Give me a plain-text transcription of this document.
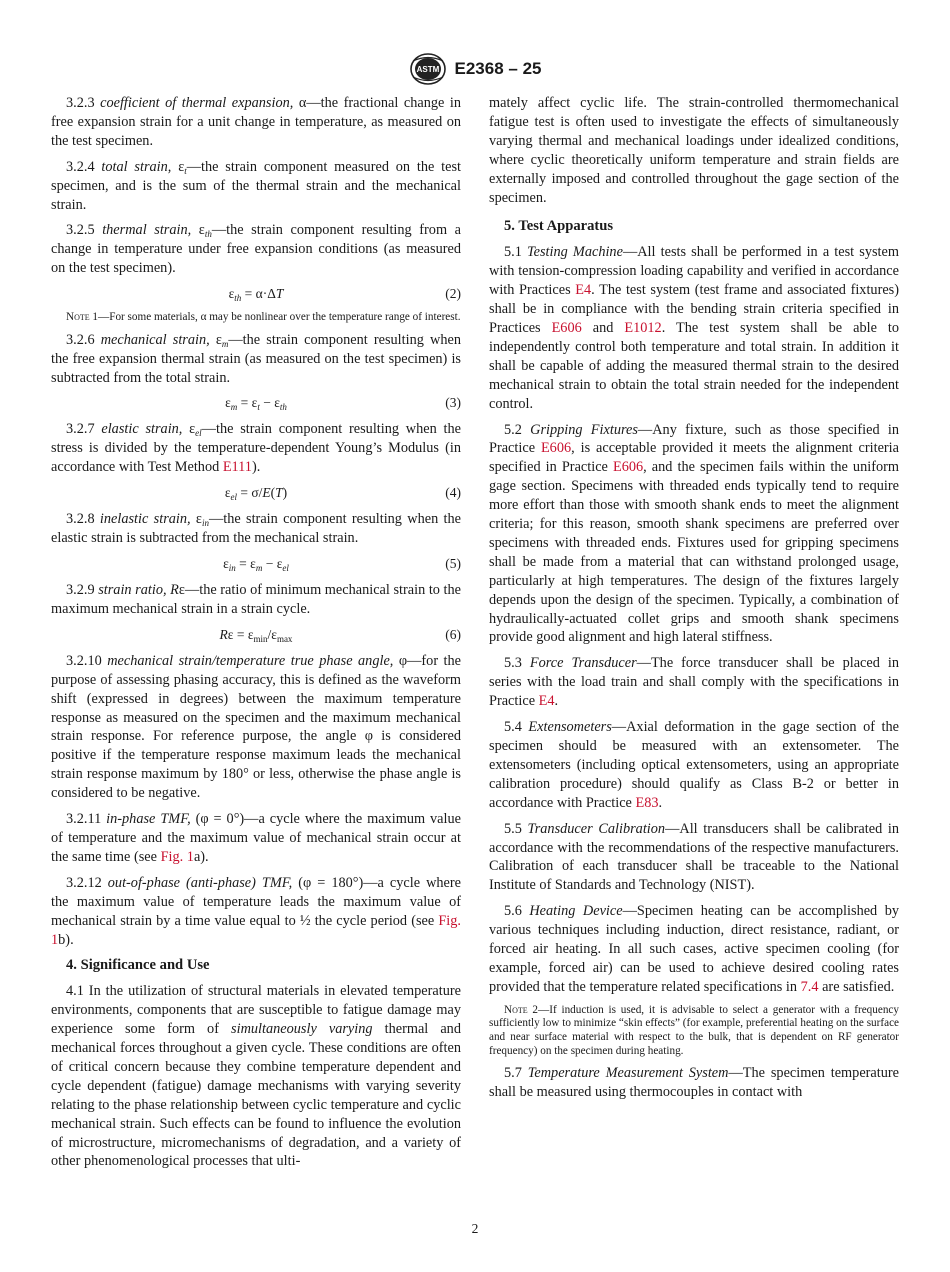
ASTM E2368 – 25

3.2.3 coefficient of thermal expansion, α—the fractional change in free expansion strain for a unit change in temperature, as measured on the test specimen.

3.2.4 total strain, $\varepsilon_t—the$ strain component measured on the test specimen, and is the sum of the thermal strain and the mechanical strain.

3.2.5 thermal strain, $\varepsilon_{th}—the$ strain component resulting from a change in temperature under free expansion conditions (as measured on the test specimen).

$\varepsilon_{th} = \alpha\cdot\Delta T$	(2)

Note 1—For some materials, α may be nonlinear over the temperature range of interest.

3.2.6 mechanical strain, $\varepsilon_m—the$ strain component resulting when the free expansion thermal strain (as measured on the test specimen) is subtracted from the total strain.

$\varepsilon_m = \varepsilon_t - \varepsilon_{th}$	(3)

3.2.7 elastic strain, $\varepsilon_{el}—the$ strain component resulting when the stress is divided by the temperature-dependent Young’s Modulus (in accordance with Test Method E111).

$\varepsilon_{el} = \sigma/E(T)$	(4)

3.2.8 inelastic strain, $\varepsilon_{in}—the$ strain component resulting when the elastic strain is subtracted from the mechanical strain.

$\varepsilon_{in} = \varepsilon_m - \varepsilon_{el}$	(5)

3.2.9 strain ratio, Rε—the ratio of minimum mechanical strain to the maximum mechanical strain in a strain cycle.

$R\varepsilon = \varepsilon_{min}/\varepsilon_{max}$	(6)

3.2.10 mechanical strain/temperature true phase angle, φ—for the purpose of assessing phasing accuracy, this is defined as the waveform shift (expressed in degrees) between the maximum temperature response as measured on the specimen and the maximum mechanical strain response. For reference purpose, the angle φ is considered positive if the temperature response maximum leads the mechanical strain response maximum by 180° or less, otherwise the phase angle is considered to be negative.

3.2.11 in-phase TMF, (φ = 0°)—a cycle where the maximum value of temperature and the maximum value of mechanical strain occur at the same time (see Fig. 1a).

3.2.12 out-of-phase (anti-phase) TMF, (φ = 180°)—a cycle where the maximum value of temperature leads the maximum value of mechanical strain by a time value equal to ½ the cycle period (see Fig. 1b).

4. Significance and Use

4.1 In the utilization of structural materials in elevated temperature environments, components that are susceptible to fatigue damage may experience some form of simultaneously varying thermal and mechanical forces throughout a given cycle. These conditions are often of critical concern because they combine temperature dependent and cycle dependent (fatigue) damage mechanisms with varying severity relating to the phase relationship between cyclic temperature and cyclic mechanical strain. Such effects can be found to influence the evolution of microstructure, micromechanisms of degradation, and a variety of other phenomenological processes that ulti-

mately affect cyclic life. The strain-controlled thermomechanical fatigue test is often used to investigate the effects of simultaneously varying thermal and mechanical loadings under idealized conditions, where cyclic theoretically uniform temperature and strain fields are externally imposed and controlled throughout the gage section of the specimen.

5. Test Apparatus

5.1 Testing Machine—All tests shall be performed in a test system with tension-compression loading capability and verified in accordance with Practices E4. The test system (test frame and associated fixtures) shall be in compliance with the bending strain criteria specified in Practices E606 and E1012. The test system shall be able to independently control both temperature and total strain. In addition it shall be capable of adding the measured thermal strain to the desired mechanical strain to obtain the total strain needed for the independent control.

5.2 Gripping Fixtures—Any fixture, such as those specified in Practice E606, is acceptable provided it meets the alignment criteria specified in Practice E606, and the specimen fails within the uniform gage section. Specimens with threaded ends typically tend to require more effort than those with smooth shank ends to meet the alignment criteria; for this reason, smooth shank specimens are preferred over specimens with threaded ends. Fixtures used for gripping specimens shall be made from a material that can withstand prolonged usage, particularly at high temperatures. The design of the fixtures largely depends upon the design of the specimen. Typically, a combination of hydraulically-actuated collet grips and smooth shank specimens provide good alignment and high lateral stiffness.

5.3 Force Transducer—The force transducer shall be placed in series with the load train and shall comply with the specifications in Practice E4.

5.4 Extensometers—Axial deformation in the gage section of the specimen should be measured with an extensometer. The extensometers (including optical extensometers, using an appropriate calibration procedure) should qualify as Class B-2 or better in accordance with Practice E83.

5.5 Transducer Calibration—All transducers shall be calibrated in accordance with the recommendations of the respective manufacturers. Calibration of each transducer shall be traceable to the National Institute of Standards and Technology (NIST).

5.6 Heating Device—Specimen heating can be accomplished by various techniques including induction, direct resistance, radiant, or forced air heating. In all such cases, active specimen cooling (for example, forced air) can be used to achieve desired cooling rates provided that the temperature related specifications in 7.4 are satisfied.

Note 2—If induction is used, it is advisable to select a generator with a frequency sufficiently low to minimize “skin effects” (for example, preferential heating on the surface and near surface material with respect to the bulk, that is dependent on RF generator frequency) on the specimen during heating.

5.7 Temperature Measurement System—The specimen temperature shall be measured using thermocouples in contact with

2
